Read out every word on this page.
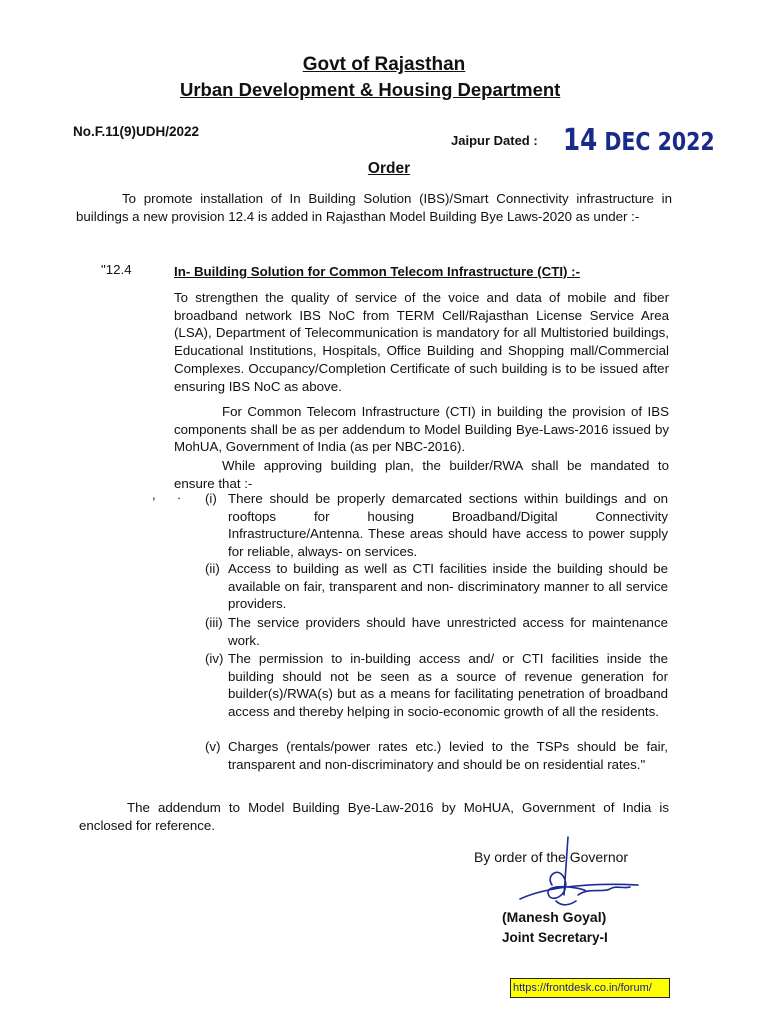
Govt of Rajasthan
Urban Development & Housing Department
No.F.11(9)UDH/2022
Jaipur Dated : 14 DEC 2022
Order
To promote installation of In Building Solution (IBS)/Smart Connectivity infrastructure in buildings a new provision 12.4 is added in Rajasthan Model Building Bye Laws-2020 as under :-
"12.4	In- Building Solution for Common Telecom Infrastructure (CTI) :-
To strengthen the quality of service of the voice and data of mobile and fiber broadband network IBS NoC from TERM Cell/Rajasthan License Service Area (LSA), Department of Telecommunication is mandatory for all Multistoried buildings, Educational Institutions, Hospitals, Office Building and Shopping mall/Commercial Complexes. Occupancy/Completion Certificate of such building is to be issued after ensuring IBS NoC as above.
For Common Telecom Infrastructure (CTI) in building the provision of IBS components shall be as per addendum to Model Building Bye-Laws-2016 issued by MohUA, Government of India (as per NBC-2016).
While approving building plan, the builder/RWA shall be mandated to ensure that :-
,      . (i) There should be properly demarcated sections within buildings and on rooftops for housing Broadband/Digital Connectivity Infrastructure/Antenna. These areas should have access to power supply for reliable, always- on services.
(ii) Access to building as well as CTI facilities inside the building should be available on fair, transparent and non- discriminatory manner to all service providers.
(iii) The service providers should have unrestricted access for maintenance work.
(iv) The permission to in-building access and/ or CTI facilities inside the building should not be seen as a source of revenue generation for builder(s)/RWA(s) but as a means for facilitating penetration of broadband access and thereby helping in socio-economic growth of all the residents.
(v) Charges (rentals/power rates etc.) levied to the TSPs should be fair, transparent and non-discriminatory and should be on residential rates."
The addendum to Model Building Bye-Law-2016 by MoHUA, Government of India is enclosed for reference.
By order of the Governor
(Manesh Goyal)
Joint Secretary-I
https://frontdesk.co.in/forum/
